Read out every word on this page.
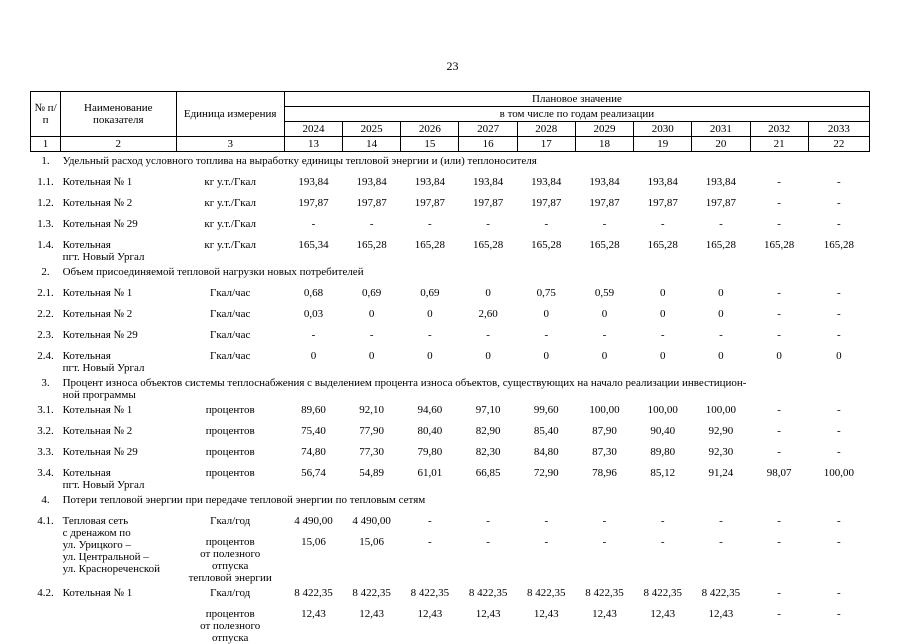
23
№ п/п	Наименование показателя	Единица измерения	Плановое значение									
			в том числе по годам реализации									
			2024	2025	2026	2027	2028	2029	2030	2031	2032	2033
1	2	3	13	14	15	16	17	18	19	20	21	22
1.	Удельный расход условного топлива на выработку единицы тепловой энергии и (или) теплоносителя											
1.1.	Котельная № 1	кг у.т./Гкал	193,84	193,84	193,84	193,84	193,84	193,84	193,84	193,84	-	-
1.2.	Котельная № 2	кг у.т./Гкал	197,87	197,87	197,87	197,87	197,87	197,87	197,87	197,87	-	-
1.3.	Котельная № 29	кг у.т./Гкал	-	-	-	-	-	-	-	-	-	-
1.4.	Котельная
пгт. Новый Ургал	кг у.т./Гкал	165,34	165,28	165,28	165,28	165,28	165,28	165,28	165,28	165,28	165,28
2.	Объем присоединяемой тепловой нагрузки новых потребителей											
2.1.	Котельная № 1	Гкал/час	0,68	0,69	0,69	0	0,75	0,59	0	0	-	-
2.2.	Котельная № 2	Гкал/час	0,03	0	0	2,60	0	0	0	0	-	-
2.3.	Котельная № 29	Гкал/час	-	-	-	-	-	-	-	-	-	-
2.4.	Котельная
пгт. Новый Ургал	Гкал/час	0	0	0	0	0	0	0	0	0	0
3.	Процент износа объектов системы теплоснабжения с выделением процента износа объектов, существующих на начало реализации инвестицион-
ной программы											
3.1.	Котельная № 1	процентов	89,60	92,10	94,60	97,10	99,60	100,00	100,00	100,00	-	-
3.2.	Котельная № 2	процентов	75,40	77,90	80,40	82,90	85,40	87,90	90,40	92,90	-	-
3.3.	Котельная № 29	процентов	74,80	77,30	79,80	82,30	84,80	87,30	89,80	92,30	-	-
3.4.	Котельная
пгт. Новый Ургал	процентов	56,74	54,89	61,01	66,85	72,90	78,96	85,12	91,24	98,07	100,00
4.	Потери тепловой энергии при передаче тепловой энергии по тепловым сетям											
4.1.	Тепловая сеть
с дренажом по
ул. Урицкого –
ул. Центральной –
ул. Краснореченской	Гкал/год	4 490,00	4 490,00	-	-	-	-	-	-	-	-
		процентов
от полезного
отпуска
тепловой энергии	15,06	15,06	-	-	-	-	-	-	-	-
4.2.	Котельная № 1	Гкал/год	8 422,35	8 422,35	8 422,35	8 422,35	8 422,35	8 422,35	8 422,35	8 422,35	-	-
		процентов
от полезного
отпуска	12,43	12,43	12,43	12,43	12,43	12,43	12,43	12,43	-	-
